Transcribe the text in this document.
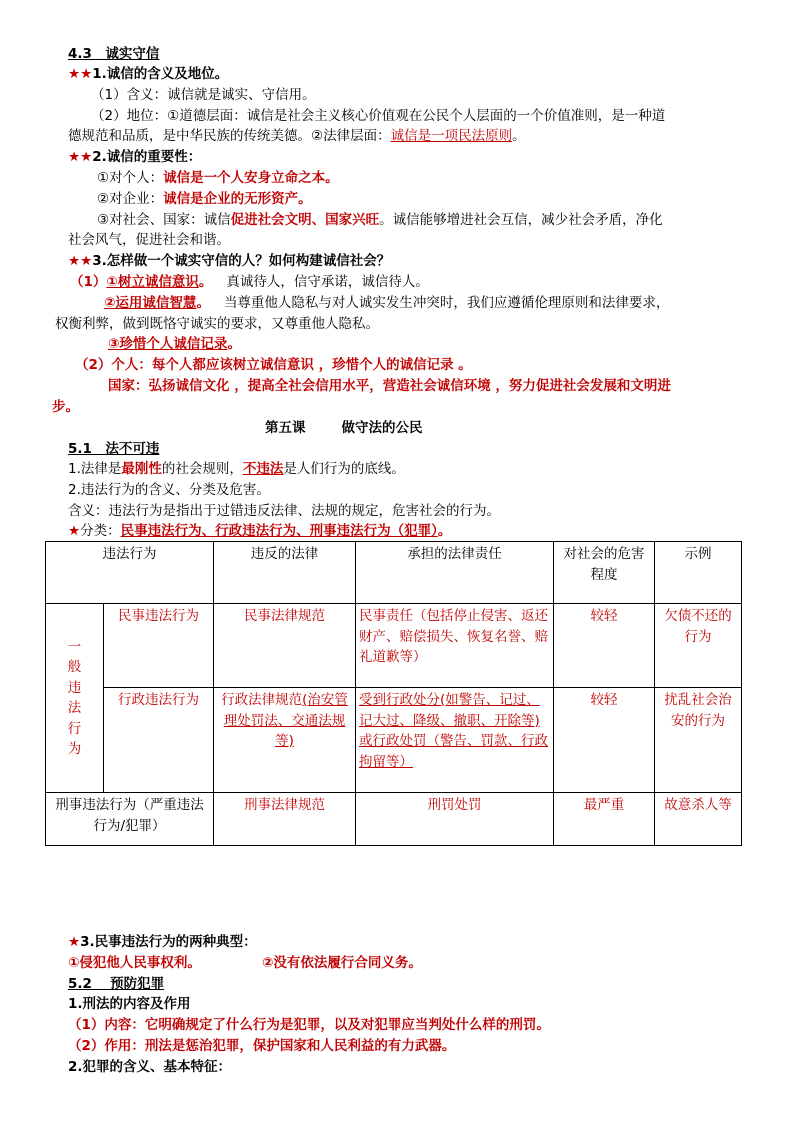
4.3　诚实守信
★★1.诚信的含义及地位。
（1）含义：诚信就是诚实、守信用。
（2）地位：①道德层面：诚信是社会主义核心价值观在公民个人层面的一个价值准则，是一种道
德规范和品质，是中华民族的传统美德。②法律层面：诚信是一项民法原则。
★★2.诚信的重要性：
①对个人：诚信是一个人安身立命之本。
②对企业：诚信是企业的无形资产。
③对社会、国家：诚信促进社会文明、国家兴旺。诚信能够增进社会互信，减少社会矛盾，净化
社会风气，促进社会和谐。
★★3.怎样做一个诚实守信的人？如何构建诚信社会？
（1）①树立诚信意识。 真诚待人，信守承诺，诚信待人。
②运用诚信智慧。 当尊重他人隐私与对人诚实发生冲突时，我们应遵循伦理原则和法律要求，
权衡利弊，做到既恪守诚实的要求，又尊重他人隐私。
③珍惜个人诚信记录。
（2）个人：每个人都应该树立诚信意识 ，珍惜个人的诚信记录 。
国家：弘扬诚信文化 ，提高全社会信用水平，营造社会诚信环境 ，努力促进社会发展和文明进
步。
第五课	做守法的公民
5.1　法不可违
1.法律是最刚性的社会规则，不违法是人们行为的底线。
2.违法行为的含义、分类及危害。
含义：违法行为是指出于过错违反法律、法规的规定，危害社会的行为。
★分类：民事违法行为、行政违法行为、刑事违法行为（犯罪）。
违法行为		违反的法律	承担的法律责任	对社会的危害程度	示例

一般违法行为	民事违法行为	民事法律规范	民事责任（包括停止侵害、返还财产、赔偿损失、恢复名誉、赔礼道歉等）	较轻	欠债不还的行为
	行政违法行为	行政法律规范(治安管理处罚法、交通法规等)	受到行政处分(如警告、记过、记大过、降级、撤职、开除等)或行政处罚（警告、罚款、行政拘留等）	较轻	扰乱社会治安的行为
刑事违法行为（严重违法行为/犯罪）		刑事法律规范	刑罚处罚	最严重	故意杀人等
★3.民事违法行为的两种典型：
①侵犯他人民事权利。	②没有依法履行合同义务。
5.2　 预防犯罪
1.刑法的内容及作用
（1）内容：它明确规定了什么行为是犯罪，以及对犯罪应当判处什么样的刑罚。
（2）作用：刑法是惩治犯罪，保护国家和人民利益的有力武器。
2.犯罪的含义、基本特征：
